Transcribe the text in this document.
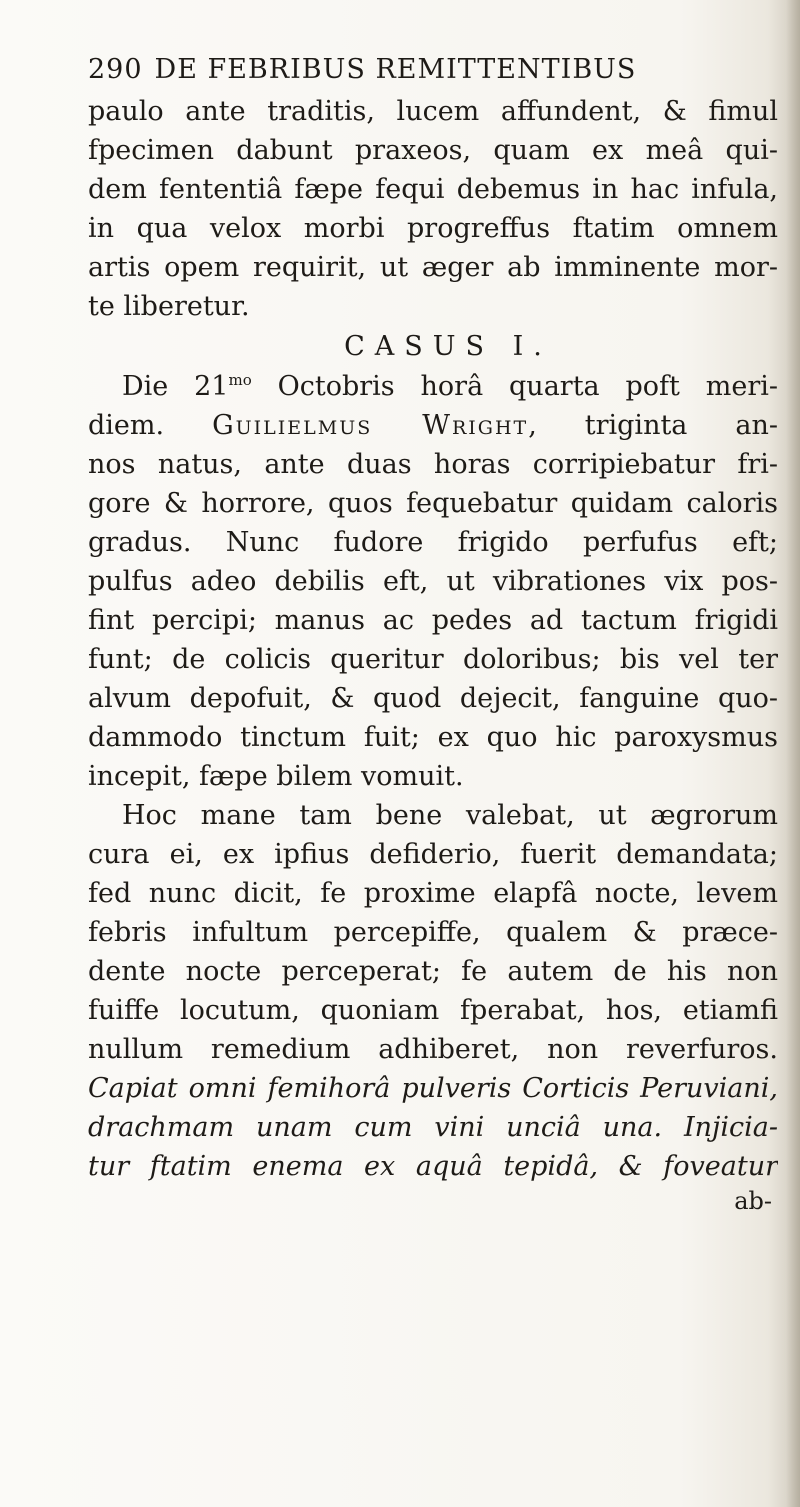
290 DE FEBRIBUS REMITTENTIBUS
paulo ante traditis, lucem affundent, & fimul
fpecimen dabunt praxeos, quam ex meâ qui-
dem fententiâ fæpe fequi debemus in hac infula,
in qua velox morbi progreffus ftatim omnem
artis opem requirit, ut æger ab imminente mor-
te liberetur.
CASUS I.
Die $21^{mo}$ Octobris horâ quarta poft meri-
diem. Guilielmus Wright, triginta an-
nos natus, ante duas horas corripiebatur fri-
gore & horrore, quos fequebatur quidam caloris
gradus. Nunc fudore frigido perfufus eft;
pulfus adeo debilis eft, ut vibrationes vix pos-
fint percipi; manus ac pedes ad tactum frigidi
funt; de colicis queritur doloribus; bis vel ter
alvum depofuit, & quod dejecit, fanguine quo-
dammodo tinctum fuit; ex quo hic paroxysmus
incepit, fæpe bilem vomuit.
Hoc mane tam bene valebat, ut ægrorum
cura ei, ex ipfius defiderio, fuerit demandata;
fed nunc dicit, fe proxime elapfâ nocte, levem
febris infultum percepiffe, qualem & præce-
dente nocte perceperat; fe autem de his non
fuiffe locutum, quoniam fperabat, hos, etiamfi
nullum remedium adhiberet, non reverfuros.
Capiat omni femihorâ pulveris Corticis Peruviani,
drachmam unam cum vini unciâ una. Injicia-
tur ftatim enema ex aquâ tepidâ, & foveatur
ab-
